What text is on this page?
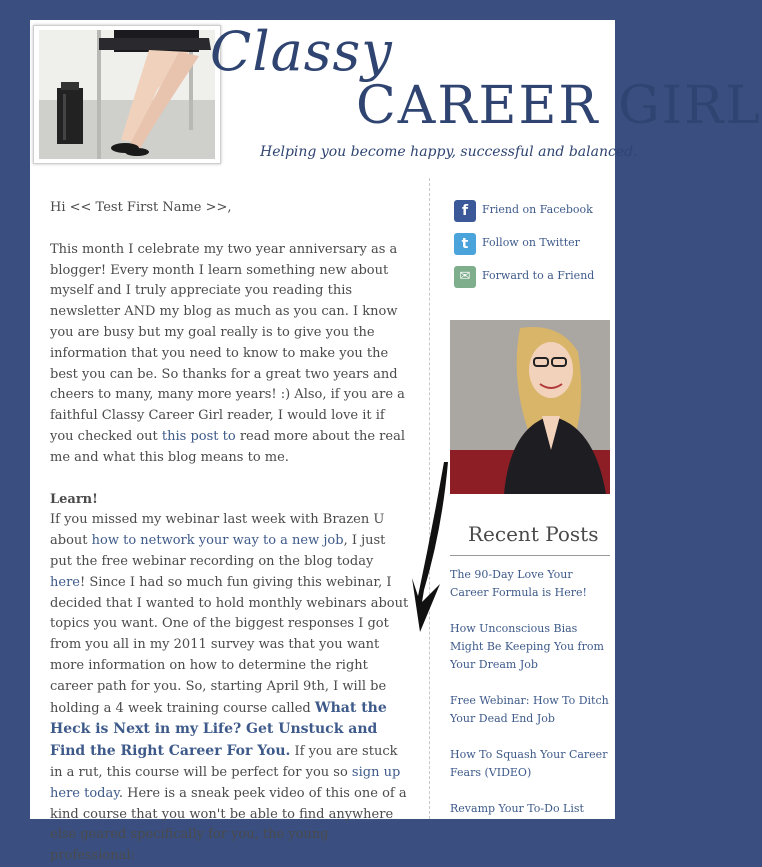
Classy
CAREER GIRL
Helping you become happy, successful and balanced.

Hi << Test First Name >>,

This month I celebrate my two year anniversary as a blogger! Every month I learn something new about myself and I truly appreciate you reading this newsletter AND my blog as much as you can. I know you are busy but my goal really is to give you the information that you need to know to make you the best you can be. So thanks for a great two years and cheers to many, many more years! :) Also, if you are a faithful Classy Career Girl reader, I would love it if you checked out this post to read more about the real me and what this blog means to me.

Learn!

If you missed my webinar last week with Brazen U about how to network your way to a new job, I just put the free webinar recording on the blog today here! Since I had so much fun giving this webinar, I decided that I wanted to hold monthly webinars about topics you want. One of the biggest responses I got from you all in my 2011 survey was that you want more information on how to determine the right career path for you. So, starting April 9th, I will be holding a 4 week training course called What the Heck is Next in my Life? Get Unstuck and Find the Right Career For You. If you are stuck in a rut, this course will be perfect for you so sign up here today. Here is a sneak peek video of this one of a kind course that you won't be able to find anywhere else geared specifically for you, the young professional:

f	Friend on Facebook
t	Follow on Twitter
✉	Forward to a Friend
Recent Posts
The 90-Day Love Your Career Formula is Here!
How Unconscious Bias Might Be Keeping You from Your Dream Job
Free Webinar: How To Ditch Your Dead End Job
How To Squash Your Career Fears (VIDEO)
Revamp Your To-Do List
